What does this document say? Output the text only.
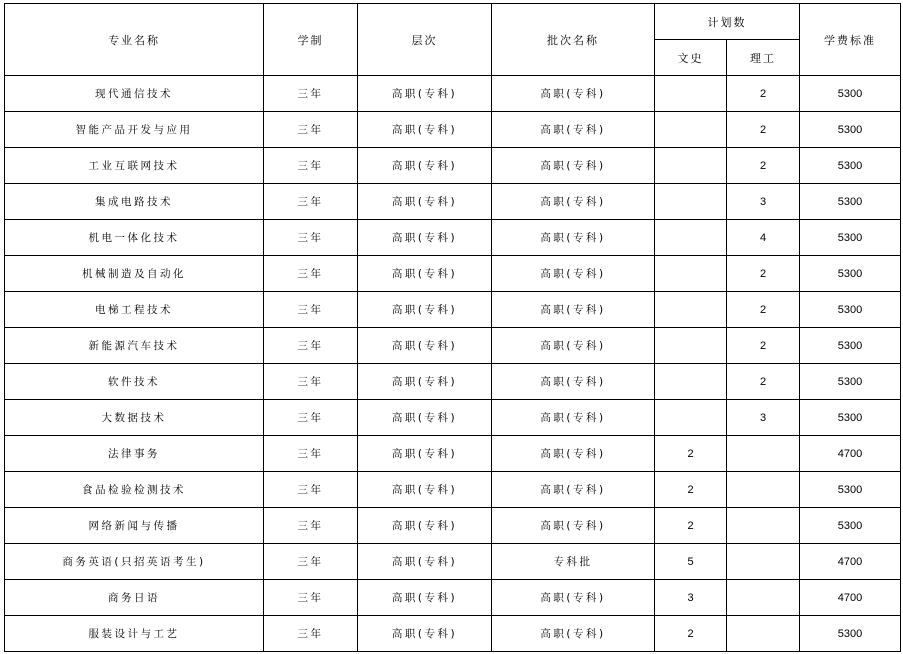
专业名称	学制	层次	批次名称	计划数		学费标准
				文史	理工	
现代通信技术	三年	高职(专科)	高职(专科)		2	5300
智能产品开发与应用	三年	高职(专科)	高职(专科)		2	5300
工业互联网技术	三年	高职(专科)	高职(专科)		2	5300
集成电路技术	三年	高职(专科)	高职(专科)		3	5300
机电一体化技术	三年	高职(专科)	高职(专科)		4	5300
机械制造及自动化	三年	高职(专科)	高职(专科)		2	5300
电梯工程技术	三年	高职(专科)	高职(专科)		2	5300
新能源汽车技术	三年	高职(专科)	高职(专科)		2	5300
软件技术	三年	高职(专科)	高职(专科)		2	5300
大数据技术	三年	高职(专科)	高职(专科)		3	5300
法律事务	三年	高职(专科)	高职(专科)	2		4700
食品检验检测技术	三年	高职(专科)	高职(专科)	2		5300
网络新闻与传播	三年	高职(专科)	高职(专科)	2		5300
商务英语(只招英语考生)	三年	高职(专科)	专科批	5		4700
商务日语	三年	高职(专科)	高职(专科)	3		4700
服装设计与工艺	三年	高职(专科)	高职(专科)	2		5300
